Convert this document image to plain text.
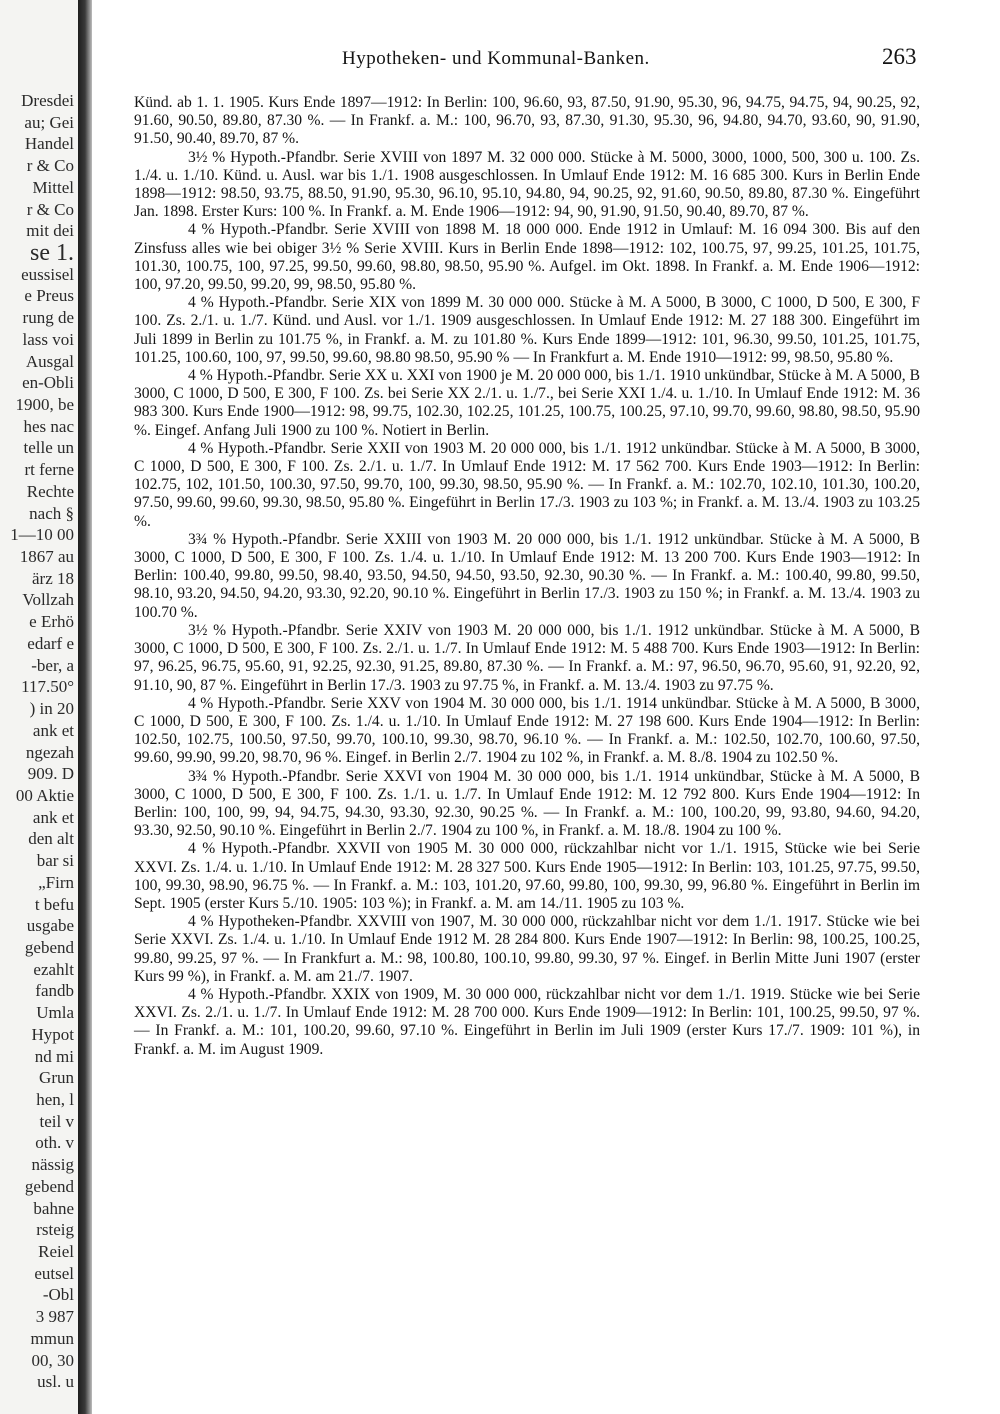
Dresdei
au; Gei
Handel
r & Co
Mittel
r & Co
mit dei
se 1.
eussisel
e Preus
rung de
lass voi
Ausgal
en-Obli
1900, be
hes nac
telle un
rt ferne
Rechte
nach §
1—10 00
1867 au
ärz 18
Vollzah
e Erhö
edarf e
-ber, a
117.50°
) in 20
ank et
ngezah
909. D
00 Aktie
ank et
den alt
bar si
„Firn
t befu
usgabe
gebend
ezahlt
fandb
Umla
Hypot
nd mi
Grun
hen, l
teil v
oth. v
nässig
gebend
bahne
rsteig
Reiel
eutsel
-Obl
3 987
mmun
00, 30
usl. u
Hypotheken- und Kommunal-Banken.	263

Künd. ab 1. 1. 1905. Kurs Ende 1897—1912: In Berlin: 100, 96.60, 93, 87.50, 91.90, 95.30, 96, 94.75, 94.75, 94, 90.25, 92, 91.60, 90.50, 89.80, 87.30 %. — In Frankf. a. M.: 100, 96.70, 93, 87.30, 91.30, 95.30, 96, 94.80, 94.70, 93.60, 90, 91.90, 91.50, 90.40, 89.70, 87 %.

3½ % Hypoth.-Pfandbr. Serie XVIII von 1897 M. 32 000 000. Stücke à M. 5000, 3000, 1000, 500, 300 u. 100. Zs. 1./4. u. 1./10. Künd. u. Ausl. war bis 1./1. 1908 ausgeschlossen. In Umlauf Ende 1912: M. 16 685 300. Kurs in Berlin Ende 1898—1912: 98.50, 93.75, 88.50, 91.90, 95.30, 96.10, 95.10, 94.80, 94, 90.25, 92, 91.60, 90.50, 89.80, 87.30 %. Eingeführt Jan. 1898. Erster Kurs: 100 %. In Frankf. a. M. Ende 1906—1912: 94, 90, 91.90, 91.50, 90.40, 89.70, 87 %.

4 % Hypoth.-Pfandbr. Serie XVIII von 1898 M. 18 000 000. Ende 1912 in Umlauf: M. 16 094 300. Bis auf den Zinsfuss alles wie bei obiger 3½ % Serie XVIII. Kurs in Berlin Ende 1898—1912: 102, 100.75, 97, 99.25, 101.25, 101.75, 101.30, 100.75, 100, 97.25, 99.50, 99.60, 98.80, 98.50, 95.90 %. Aufgel. im Okt. 1898. In Frankf. a. M. Ende 1906—1912: 100, 97.20, 99.50, 99.20, 99, 98.50, 95.80 %.

4 % Hypoth.-Pfandbr. Serie XIX von 1899 M. 30 000 000. Stücke à M. A 5000, B 3000, C 1000, D 500, E 300, F 100. Zs. 2./1. u. 1./7. Künd. und Ausl. vor 1./1. 1909 ausgeschlossen. In Umlauf Ende 1912: M. 27 188 300. Eingeführt im Juli 1899 in Berlin zu 101.75 %, in Frankf. a. M. zu 101.80 %. Kurs Ende 1899—1912: 101, 96.30, 99.50, 101.25, 101.75, 101.25, 100.60, 100, 97, 99.50, 99.60, 98.80 98.50, 95.90 % — In Frankfurt a. M. Ende 1910—1912: 99, 98.50, 95.80 %.

4 % Hypoth.-Pfandbr. Serie XX u. XXI von 1900 je M. 20 000 000, bis 1./1. 1910 unkündbar, Stücke à M. A 5000, B 3000, C 1000, D 500, E 300, F 100. Zs. bei Serie XX 2./1. u. 1./7., bei Serie XXI 1./4. u. 1./10. In Umlauf Ende 1912: M. 36 983 300. Kurs Ende 1900—1912: 98, 99.75, 102.30, 102.25, 101.25, 100.75, 100.25, 97.10, 99.70, 99.60, 98.80, 98.50, 95.90 %. Eingef. Anfang Juli 1900 zu 100 %. Notiert in Berlin.

4 % Hypoth.-Pfandbr. Serie XXII von 1903 M. 20 000 000, bis 1./1. 1912 unkündbar. Stücke à M. A 5000, B 3000, C 1000, D 500, E 300, F 100. Zs. 2./1. u. 1./7. In Umlauf Ende 1912: M. 17 562 700. Kurs Ende 1903—1912: In Berlin: 102.75, 102, 101.50, 100.30, 97.50, 99.70, 100, 99.30, 98.50, 95.90 %. — In Frankf. a. M.: 102.70, 102.10, 101.30, 100.20, 97.50, 99.60, 99.60, 99.30, 98.50, 95.80 %. Eingeführt in Berlin 17./3. 1903 zu 103 %; in Frankf. a. M. 13./4. 1903 zu 103.25 %.

3¾ % Hypoth.-Pfandbr. Serie XXIII von 1903 M. 20 000 000, bis 1./1. 1912 unkündbar. Stücke à M. A 5000, B 3000, C 1000, D 500, E 300, F 100. Zs. 1./4. u. 1./10. In Umlauf Ende 1912: M. 13 200 700. Kurs Ende 1903—1912: In Berlin: 100.40, 99.80, 99.50, 98.40, 93.50, 94.50, 94.50, 93.50, 92.30, 90.30 %. — In Frankf. a. M.: 100.40, 99.80, 99.50, 98.10, 93.20, 94.50, 94.20, 93.30, 92.20, 90.10 %. Eingeführt in Berlin 17./3. 1903 zu 150 %; in Frankf. a. M. 13./4. 1903 zu 100.70 %.

3½ % Hypoth.-Pfandbr. Serie XXIV von 1903 M. 20 000 000, bis 1./1. 1912 unkündbar. Stücke à M. A 5000, B 3000, C 1000, D 500, E 300, F 100. Zs. 2./1. u. 1./7. In Umlauf Ende 1912: M. 5 488 700. Kurs Ende 1903—1912: In Berlin: 97, 96.25, 96.75, 95.60, 91, 92.25, 92.30, 91.25, 89.80, 87.30 %. — In Frankf. a. M.: 97, 96.50, 96.70, 95.60, 91, 92.20, 92, 91.10, 90, 87 %. Eingeführt in Berlin 17./3. 1903 zu 97.75 %, in Frankf. a. M. 13./4. 1903 zu 97.75 %.

4 % Hypoth.-Pfandbr. Serie XXV von 1904 M. 30 000 000, bis 1./1. 1914 unkündbar. Stücke à M. A 5000, B 3000, C 1000, D 500, E 300, F 100. Zs. 1./4. u. 1./10. In Umlauf Ende 1912: M. 27 198 600. Kurs Ende 1904—1912: In Berlin: 102.50, 102.75, 100.50, 97.50, 99.70, 100.10, 99.30, 98.70, 96.10 %. — In Frankf. a. M.: 102.50, 102.70, 100.60, 97.50, 99.60, 99.90, 99.20, 98.70, 96 %. Eingef. in Berlin 2./7. 1904 zu 102 %, in Frankf. a. M. 8./8. 1904 zu 102.50 %.

3¾ % Hypoth.-Pfandbr. Serie XXVI von 1904 M. 30 000 000, bis 1./1. 1914 unkündbar, Stücke à M. A 5000, B 3000, C 1000, D 500, E 300, F 100. Zs. 1./1. u. 1./7. In Umlauf Ende 1912: M. 12 792 800. Kurs Ende 1904—1912: In Berlin: 100, 100, 99, 94, 94.75, 94.30, 93.30, 92.30, 90.25 %. — In Frankf. a. M.: 100, 100.20, 99, 93.80, 94.60, 94.20, 93.30, 92.50, 90.10 %. Eingeführt in Berlin 2./7. 1904 zu 100 %, in Frankf. a. M. 18./8. 1904 zu 100 %.

4 % Hypoth.-Pfandbr. XXVII von 1905 M. 30 000 000, rückzahlbar nicht vor 1./1. 1915, Stücke wie bei Serie XXVI. Zs. 1./4. u. 1./10. In Umlauf Ende 1912: M. 28 327 500. Kurs Ende 1905—1912: In Berlin: 103, 101.25, 97.75, 99.50, 100, 99.30, 98.90, 96.75 %. — In Frankf. a. M.: 103, 101.20, 97.60, 99.80, 100, 99.30, 99, 96.80 %. Eingeführt in Berlin im Sept. 1905 (erster Kurs 5./10. 1905: 103 %); in Frankf. a. M. am 14./11. 1905 zu 103 %.

4 % Hypotheken-Pfandbr. XXVIII von 1907, M. 30 000 000, rückzahlbar nicht vor dem 1./1. 1917. Stücke wie bei Serie XXVI. Zs. 1./4. u. 1./10. In Umlauf Ende 1912 M. 28 284 800. Kurs Ende 1907—1912: In Berlin: 98, 100.25, 100.25, 99.80, 99.25, 97 %. — In Frankfurt a. M.: 98, 100.80, 100.10, 99.80, 99.30, 97 %. Eingef. in Berlin Mitte Juni 1907 (erster Kurs 99 %), in Frankf. a. M. am 21./7. 1907.

4 % Hypoth.-Pfandbr. XXIX von 1909, M. 30 000 000, rückzahlbar nicht vor dem 1./1. 1919. Stücke wie bei Serie XXVI. Zs. 2./1. u. 1./7. In Umlauf Ende 1912: M. 28 700 000. Kurs Ende 1909—1912: In Berlin: 101, 100.25, 99.50, 97 %. — In Frankf. a. M.: 101, 100.20, 99.60, 97.10 %. Eingeführt in Berlin im Juli 1909 (erster Kurs 17./7. 1909: 101 %), in Frankf. a. M. im August 1909.
